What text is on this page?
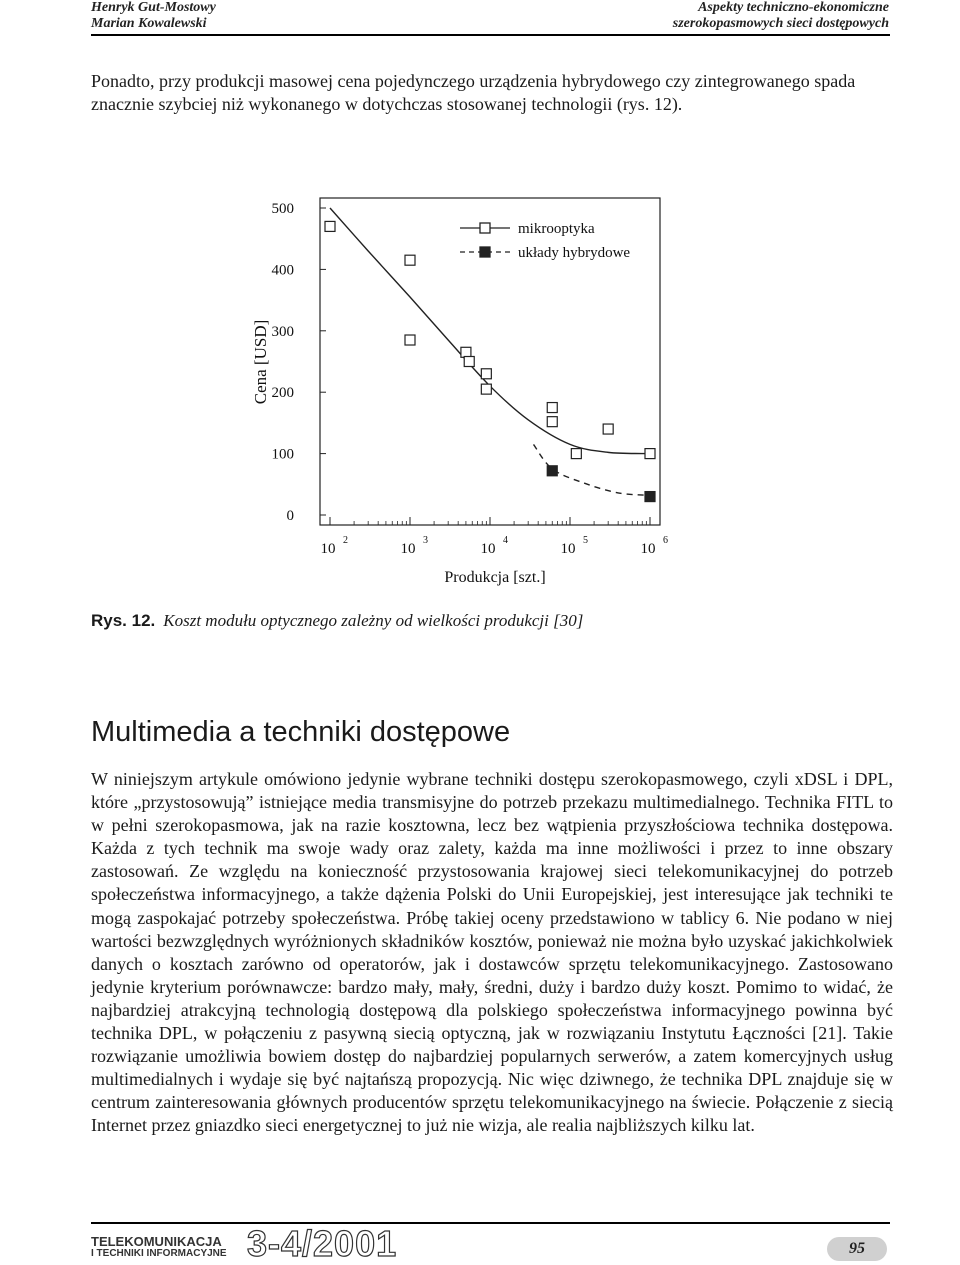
Henryk Gut-Mostowy
Marian Kowalewski
Aspekty techniczno-ekonomiczne
szerokopasmowych sieci dostępowych

Ponadto, przy produkcji masowej cena pojedynczego urządzenia hybrydowego czy zintegrowanego spada znacznie szybciej niż wykonanego w dotychczas stosowanej technologii (rys. 12).

Cena [USD]
Produkcja [szt.]
0
100
200
300
400
500
10
2
10
3
10
4
10
5
10
6
mikrooptyka
układy hybrydowe
Rys. 12. Koszt modułu optycznego zależny od wielkości produkcji [30]
Multimedia a techniki dostępowe

W niniejszym artykule omówiono jedynie wybrane techniki dostępu szerokopasmowego, czyli xDSL i DPL, które „przystosowują” istniejące media transmisyjne do potrzeb przekazu multimedialnego. Technika FITL to w pełni szerokopasmowa, jak na razie kosztowna, lecz bez wątpienia przyszłościowa technika dostępowa. Każda z tych technik ma swoje wady oraz zalety, każda ma inne możliwości i przez to inne obszary zastosowań. Ze względu na konieczność przystosowania krajowej sieci telekomunikacyjnej do potrzeb społeczeństwa informacyjnego, a także dążenia Polski do Unii Europejskiej, jest interesujące jak techniki te mogą zaspokajać potrzeby społeczeństwa. Próbę takiej oceny przedstawiono w tablicy 6. Nie podano w niej wartości bezwzględnych wyróżnionych składników kosztów, ponieważ nie można było uzyskać jakichkolwiek danych o kosztach zarówno od operatorów, jak i dostawców sprzętu telekomunikacyjnego. Zastosowano jedynie kryterium porównawcze: bardzo mały, mały, średni, duży i bardzo duży koszt. Pomimo to widać, że najbardziej atrakcyjną technologią dostępową dla polskiego społeczeństwa informacyjnego powinna być technika DPL, w połączeniu z pasywną siecią optyczną, jak w rozwiązaniu Instytutu Łączności [21]. Takie rozwiązanie umożliwia bowiem dostęp do najbardziej popularnych serwerów, a zatem komercyjnych usług multimedialnych i wydaje się być najtańszą propozycją. Nic więc dziwnego, że technika DPL znajduje się w centrum zainteresowania głównych producentów sprzętu telekomunikacyjnego na świecie. Połączenie z siecią Internet przez gniazdko sieci energetycznej to już nie wizja, ale realia najbliższych kilku lat.

TELEKOMUNIKACJA
I TECHNIKI INFORMACYJNE 3-4/2001	95
